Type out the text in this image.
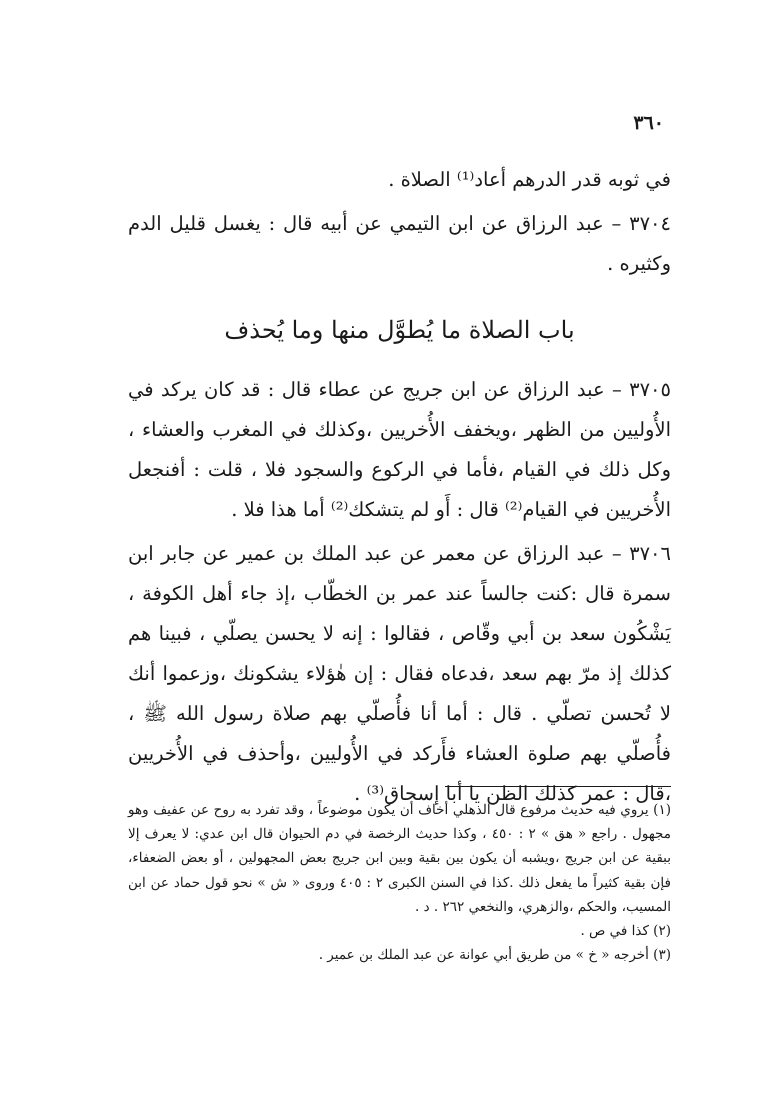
٣٦٠

في ثوبه قدر الدرهم أعاد⁽¹⁾ الصلاة .

٣٧٠٤ – عبد الرزاق عن ابن التيمي عن أبيه قال : يغسل قليل الدم وكثيره .

باب الصلاة ما يُطوَّل منها وما يُحذف

٣٧٠٥ – عبد الرزاق عن ابن جريج عن عطاء قال : قد كان يركد في الأُوليين من الظهر ،ويخفف الأُخريين ،وكذلك في المغرب والعشاء ، وكل ذلك في القيام ،فأما في الركوع والسجود فلا ، قلت : أفنجعل الأُخريين في القيام⁽²⁾ قال : أَو لم يتشكك⁽²⁾ أما هذا فلا .

٣٧٠٦ – عبد الرزاق عن معمر عن عبد الملك بن عمير عن جابر ابن سمرة قال :كنت جالساً عند عمر بن الخطّاب ،إذ جاء أهل الكوفة ، يَشْكُون سعد بن أبي وقّاص ، فقالوا : إنه لا يحسن يصلّي ، فبينا هم كذلك إذ مرّ بهم سعد ،فدعاه فقال : إن هٰؤلاء يشكونك ،وزعموا أنك لا تُحسن تصلّي . قال : أما أنا فأُصلّي بهم صلاة رسول الله ﷺ ، فأُصلّي بهم صلوة العشاء فأَركد في الأُوليين ،وأحذف في الأُخريين ،قال : عمر كذلك الظن يا أبا إسحاق⁽³⁾ .

(١) يروي فيه حديث مرفوع قال الذهلي أخاف أن يكون موضوعاً ، وقد تفرد به روح عن عفيف وهو مجهول . راجع « هق » ٢ : ٤٥٠ ، وكذا حديث الرخصة في دم الحيوان قال ابن عدي: لا يعرف إلا ببقية عن ابن جريج ،ويشبه أن يكون بين بقية وبين ابن جريج بعض المجهولين ، أو بعض الضعفاء، فإن بقية كثيراً ما يفعل ذلك .كذا في السنن الكبرى ٢ : ٤٠٥ وروى « ش » نحو قول حماد عن ابن المسيب، والحكم ،والزهري، والنخعي ٢٦٢ . د .

(٢) كذا في ص .

(٣) أخرجه « خ » من طريق أبي عوانة عن عبد الملك بن عمير .
